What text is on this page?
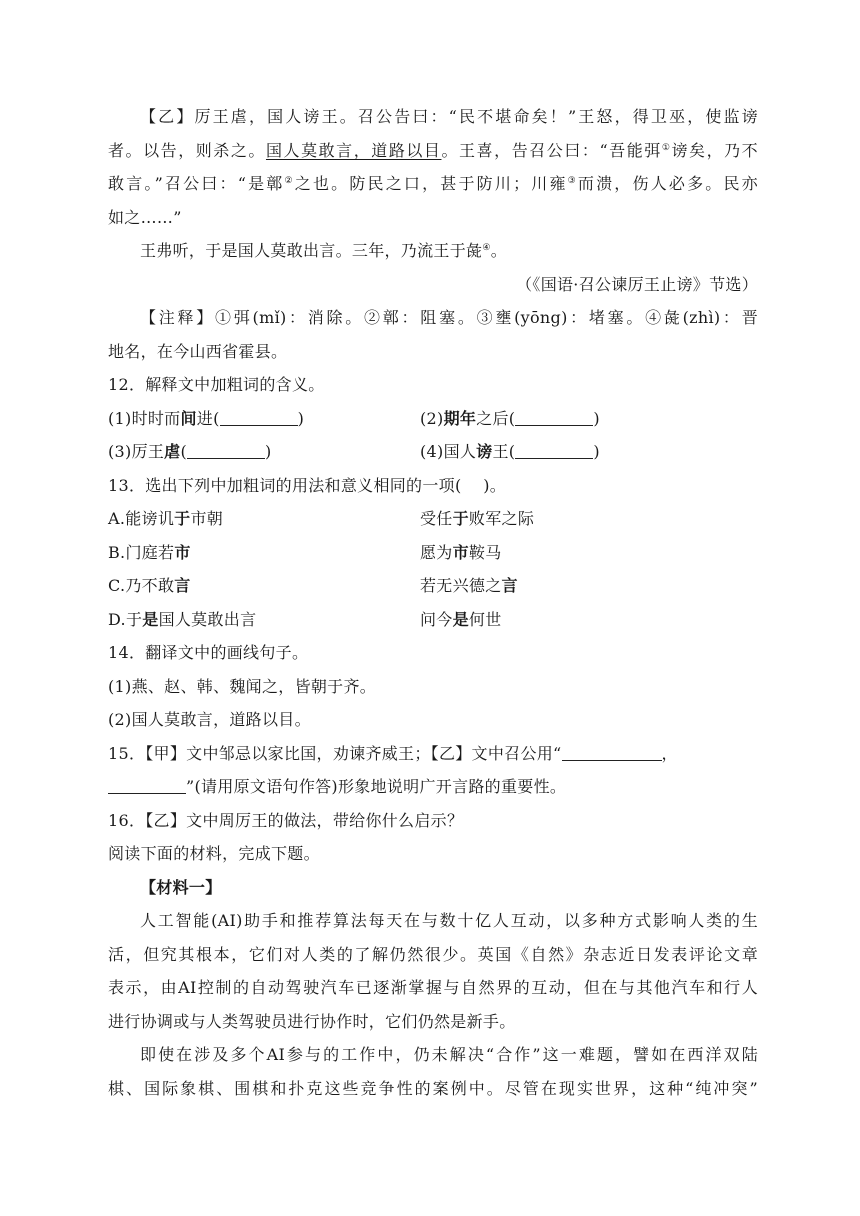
【乙】厉王虐，国人谤王。召公告曰：“民不堪命矣！”王怒，得卫巫，使监谤
者。以告，则杀之。国人莫敢言，道路以目。王喜，告召公曰：“吾能弭①谤矣，乃不
敢言。”召公曰：“是鄣②之也。防民之口，甚于防川；川雍③而溃，伤人必多。民亦
如之……”
王弗听，于是国人莫敢出言。三年，乃流王于彘④。
（《国语·召公谏厉王止谤》节选）
【注释】①弭(mǐ)：消除。②鄣：阻塞。③壅(yōng)：堵塞。④彘(zhì)：晋
地名，在今山西省霍县。
12．解释文中加粗词的含义。
(1)时时而间进(	)	(2)期年之后(	)
(3)厉王虐(	)	(4)国人谤王(	)
13．选出下列中加粗词的用法和意义相同的一项(　 )。
A.能谤讥于市朝	受任于败军之际
B.门庭若市	愿为市鞍马
C.乃不敢言	若无兴德之言
D.于是国人莫敢出言	问今是何世
14．翻译文中的画线句子。
(1)燕、赵、韩、魏闻之，皆朝于齐。
(2)国人莫敢言，道路以目。
15．【甲】文中邹忌以家比国，劝谏齐威王；【乙】文中召公用“	，
”(请用原文语句作答)形象地说明广开言路的重要性。
16．【乙】文中周厉王的做法，带给你什么启示？
阅读下面的材料，完成下题。
【材料一】
人工智能(AI)助手和推荐算法每天在与数十亿人互动，以多种方式影响人类的生
活，但究其根本，它们对人类的了解仍然很少。英国《自然》杂志近日发表评论文章
表示，由AI控制的自动驾驶汽车已逐渐掌握与自然界的互动，但在与其他汽车和行人
进行协调或与人类驾驶员进行协作时，它们仍然是新手。
即使在涉及多个AI参与的工作中，仍未解决“合作”这一难题，譬如在西洋双陆
棋、国际象棋、围棋和扑克这些竞争性的案例中。尽管在现实世界，这种“纯冲突”
